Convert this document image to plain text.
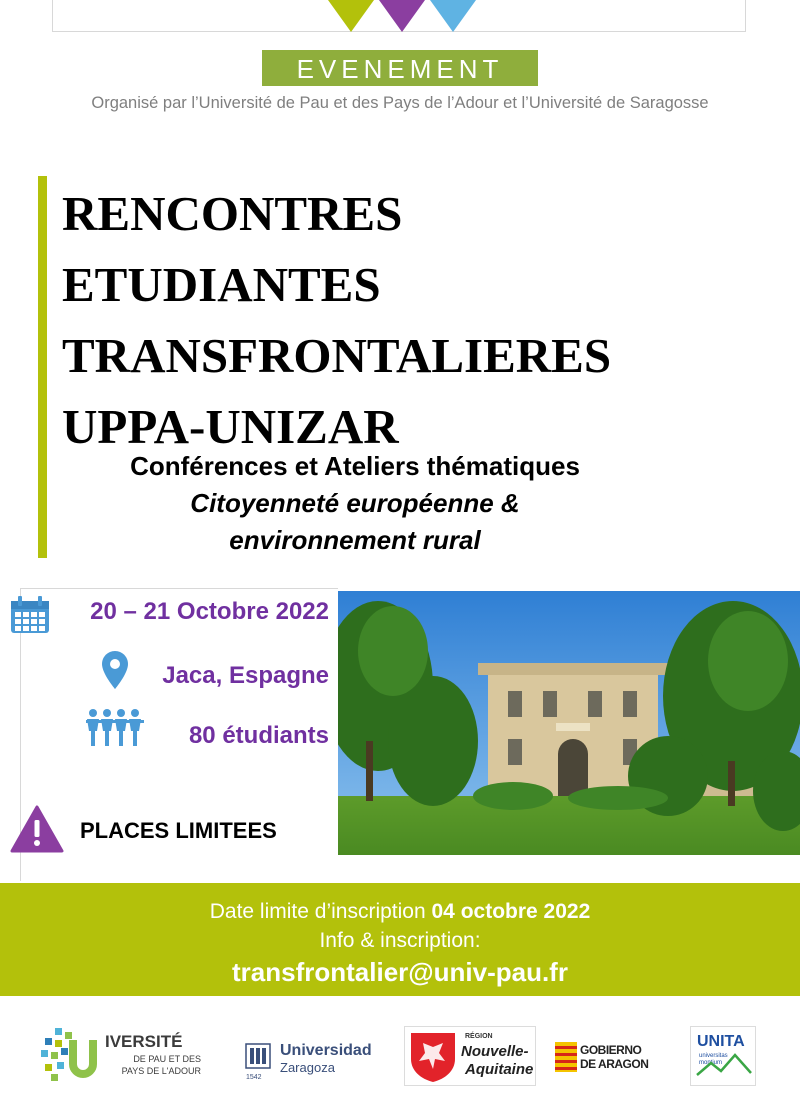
EVENEMENT
Organisé par l’Université de Pau et des Pays de l’Adour et l’Université de Saragosse
RENCONTRES
ETUDIANTES
TRANSFRONTALIERES
UPPA-UNIZAR
Conférences et Ateliers thématiques
Citoyenneté européenne &
environnement rural
20 – 21 Octobre 2022
Jaca, Espagne
80 étudiants
PLACES LIMITEES
Date limite d’inscription 04 octobre 2022
Info & inscription:
transfrontalier@univ-pau.fr
IVERSITÉ
DE PAU ET DES
PAYS DE L'ADOUR
1542
Universidad
Zaragoza
RÉGION
Nouvelle-
Aquitaine
GOBIERNO
DE ARAGON
UNITA
universitas montium
